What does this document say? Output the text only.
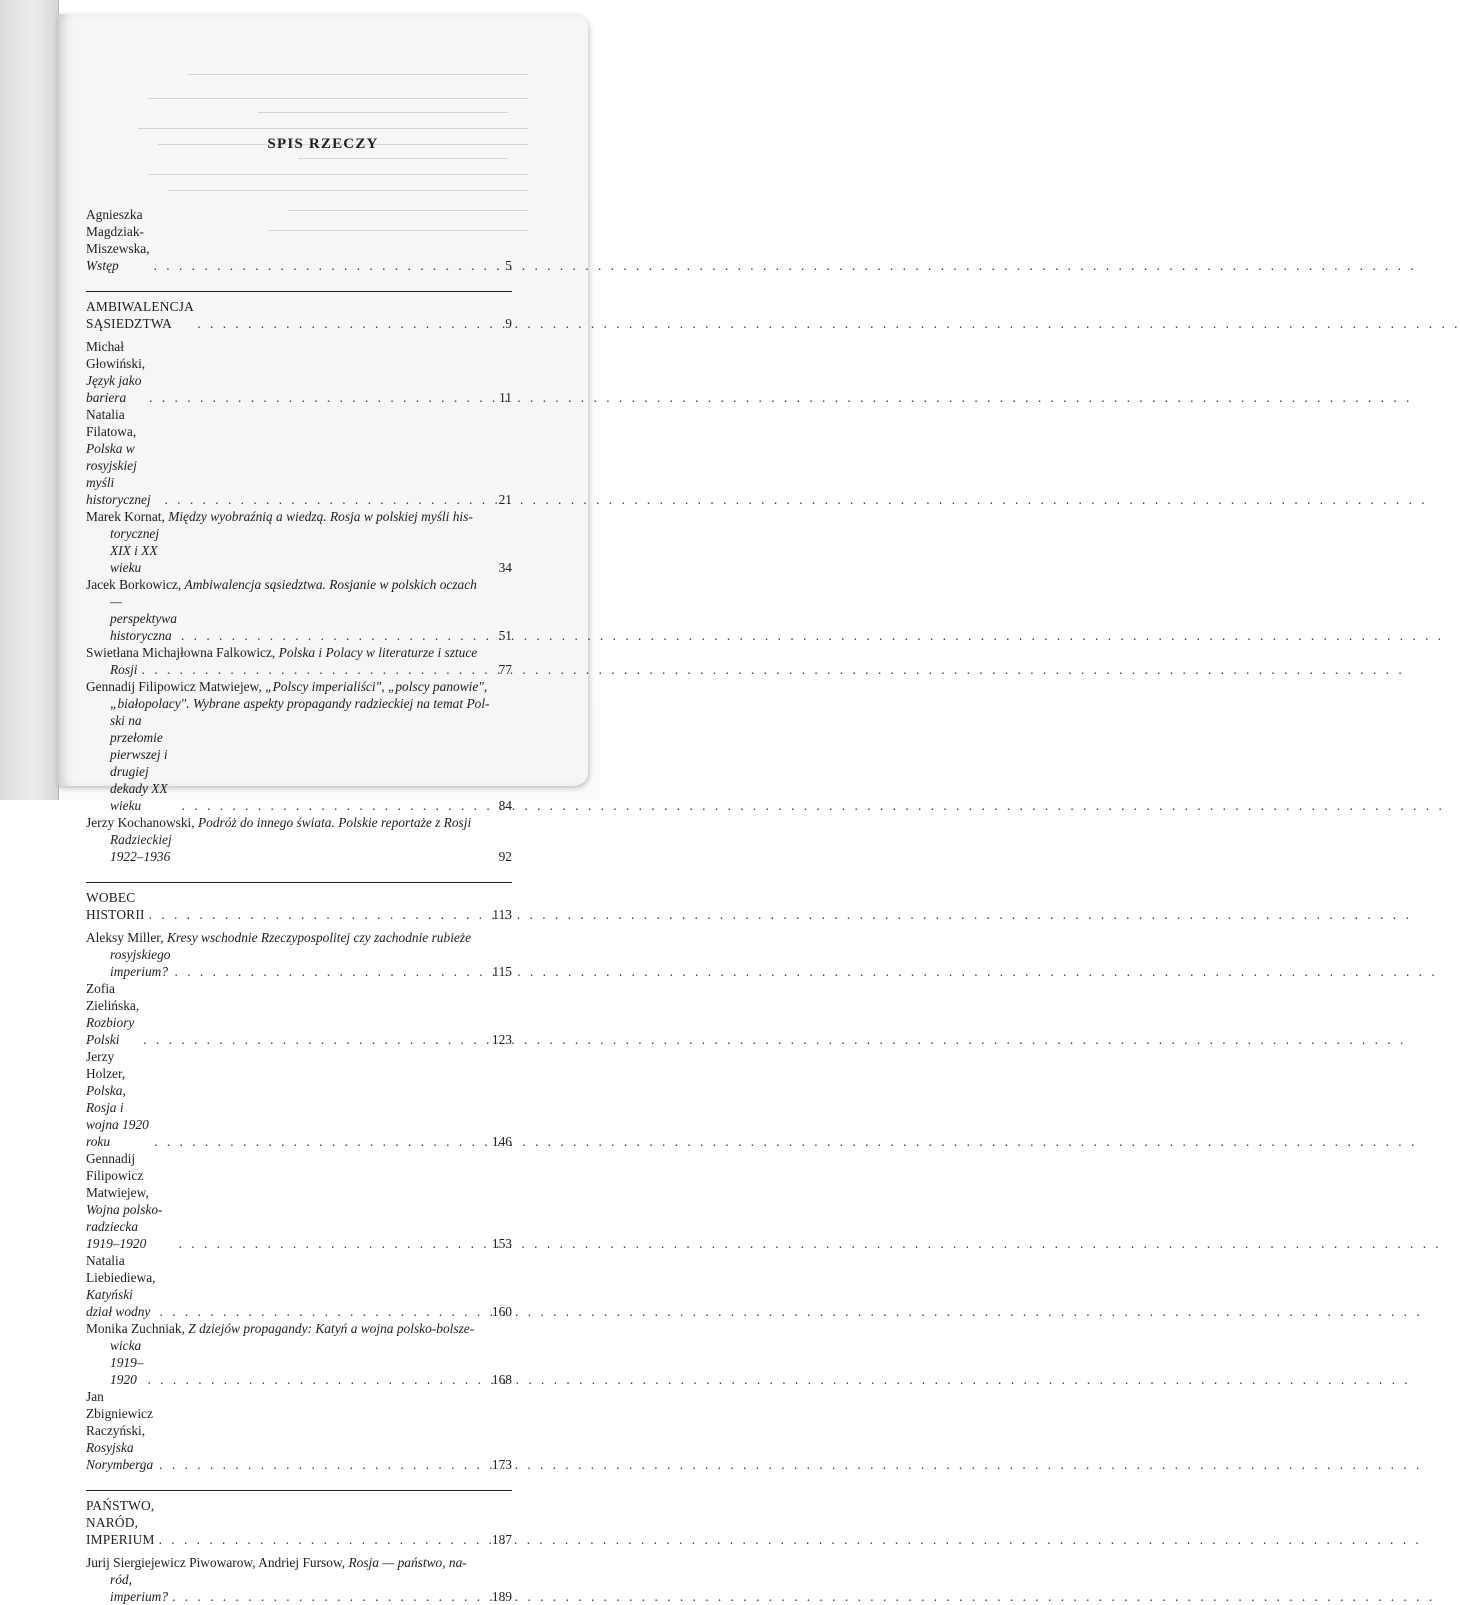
SPIS RZECZY
Agnieszka Magdziak-Miszewska, Wstęp . . .	5
AMBIWALENCJA SĄSIEDZTWA . . .	9
Michał Głowiński, Język jako bariera . . .	11
Natalia Filatowa, Polska w rosyjskiej myśli historycznej . . .	21
Marek Kornat, Między wyobraźnią a wiedzą. Rosja w polskiej myśli his-
torycznej XIX i XX wieku	34
Jacek Borkowicz, Ambiwalencja sąsiedztwa. Rosjanie w polskich oczach
— perspektywa historyczna . . .	51
Swietłana Michajłowna Falkowicz, Polska i Polacy w literaturze i sztuce
Rosji . . .	77
Gennadij Filipowicz Matwiejew, „Polscy imperialiści", „polscy panowie",
„białopolacy". Wybrane aspekty propagandy radzieckiej na temat Pol-
ski na przełomie pierwszej i drugiej dekady XX wieku . . .	84
Jerzy Kochanowski, Podróż do innego świata. Polskie reportaże z Rosji
Radzieckiej 1922–1936	92
WOBEC HISTORII . . .	113
Aleksy Miller, Kresy wschodnie Rzeczypospolitej czy zachodnie rubieże
rosyjskiego imperium? . . .	115
Zofia Zielińska, Rozbiory Polski . . .	123
Jerzy Holzer, Polska, Rosja i wojna 1920 roku . . .	146
Gennadij Filipowicz Matwiejew, Wojna polsko-radziecka 1919–1920 . . .	153
Natalia Liebiediewa, Katyński dział wodny . . .	160
Monika Zuchniak, Z dziejów propagandy: Katyń a wojna polsko-bolsze-
wicka 1919–1920 . . .	168
Jan Zbigniewicz Raczyński, Rosyjska Norymberga . . .	173
PAŃSTWO, NARÓD, IMPERIUM . . .	187
Jurij Siergiejewicz Piwowarow, Andriej Fursow, Rosja — państwo, na-
ród, imperium? . . .	189
